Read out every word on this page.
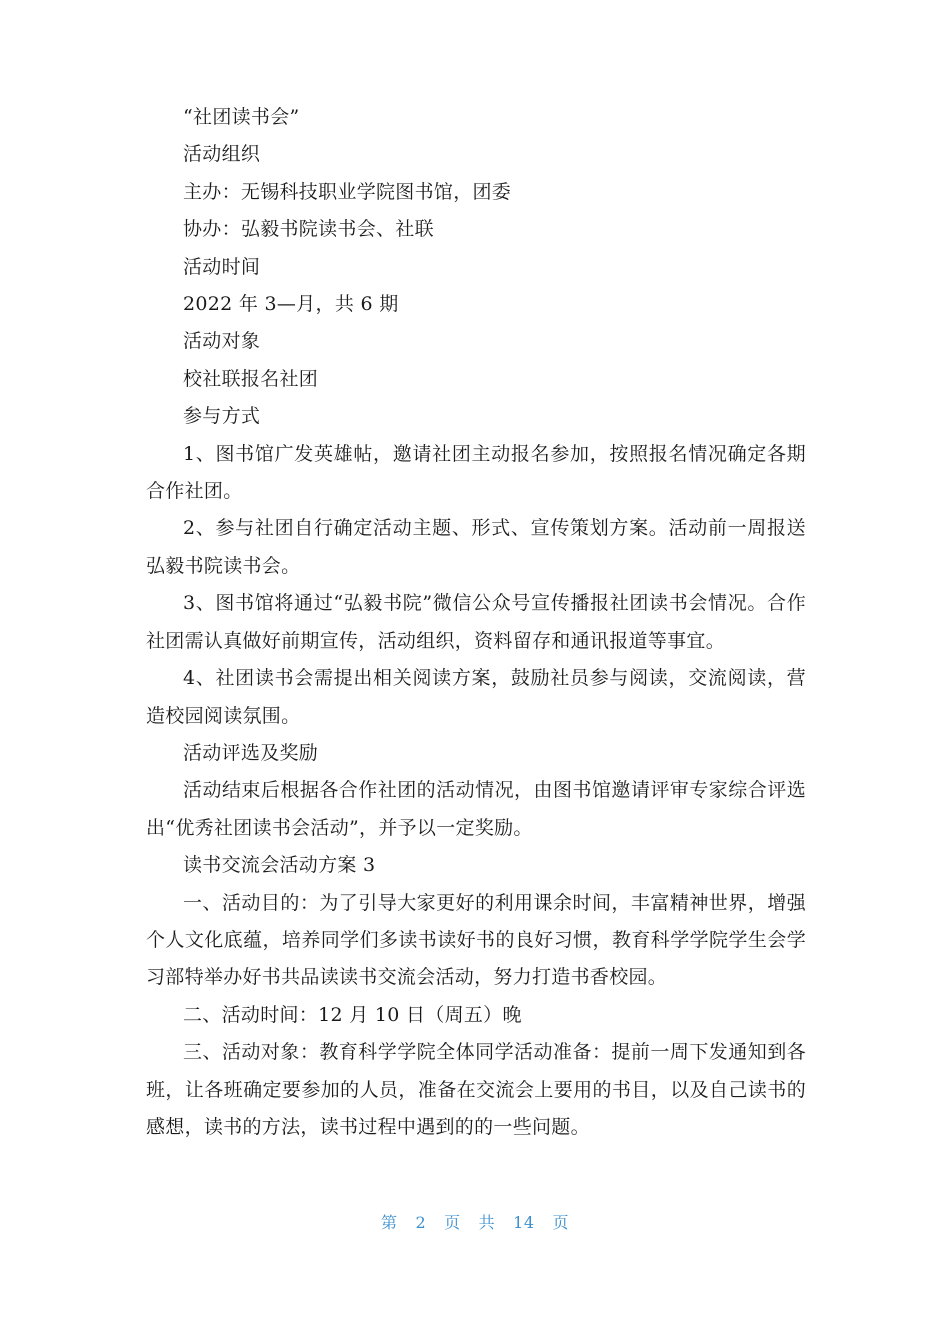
“社团读书会”

活动组织

主办：无锡科技职业学院图书馆，团委

协办：弘毅书院读书会、社联

活动时间

2022 年 3—月，共 6 期

活动对象

校社联报名社团

参与方式

1、图书馆广发英雄帖，邀请社团主动报名参加，按照报名情况确定各期合作社团。

2、参与社团自行确定活动主题、形式、宣传策划方案。活动前一周报送弘毅书院读书会。

3、图书馆将通过“弘毅书院”微信公众号宣传播报社团读书会情况。合作社团需认真做好前期宣传，活动组织，资料留存和通讯报道等事宜。

4、社团读书会需提出相关阅读方案，鼓励社员参与阅读，交流阅读，营造校园阅读氛围。

活动评选及奖励

活动结束后根据各合作社团的活动情况，由图书馆邀请评审专家综合评选出“优秀社团读书会活动”，并予以一定奖励。

读书交流会活动方案 3

一、活动目的：为了引导大家更好的利用课余时间，丰富精神世界，增强个人文化底蕴，培养同学们多读书读好书的良好习惯，教育科学学院学生会学习部特举办好书共品读读书交流会活动，努力打造书香校园。

二、活动时间：12 月 10 日（周五）晚

三、活动对象：教育科学学院全体同学活动准备：提前一周下发通知到各班，让各班确定要参加的人员，准备在交流会上要用的书目，以及自己读书的感想，读书的方法，读书过程中遇到的的一些问题。

第 2 页 共 14 页
